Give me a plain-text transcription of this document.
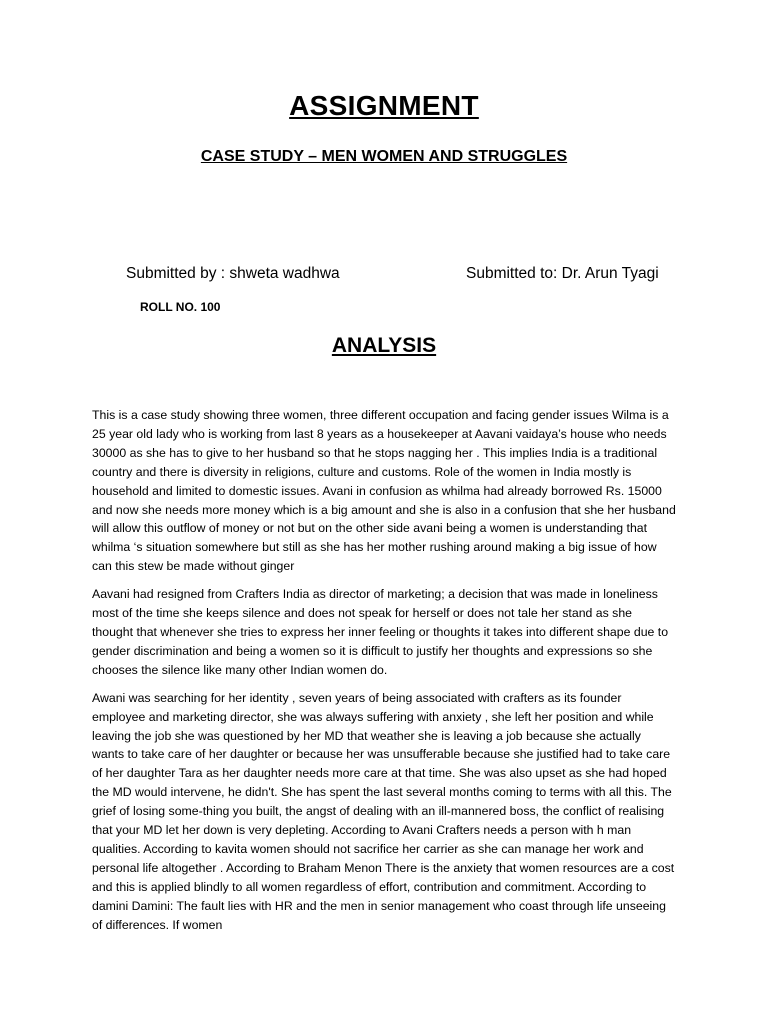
ASSIGNMENT
CASE STUDY – MEN WOMEN AND STRUGGLES
Submitted by : shweta wadhwa	Submitted to: Dr. Arun Tyagi
ROLL NO. 100
ANALYSIS

This is a case study showing three women, three different occupation and facing gender issues Wilma is a 25 year old lady who is working from last 8 years as a housekeeper at Aavani vaidaya’s house who needs 30000 as she has to give to her husband so that he stops nagging her . This implies India is a traditional country and there is diversity in religions, culture and customs. Role of the women in India mostly is household and limited to domestic issues. Avani in confusion as whilma had already borrowed Rs. 15000 and now she needs more money which is a big amount and she is also in a confusion that she her husband will allow this outflow of money or not but on the other side avani being a women is understanding that whilma ‘s situation somewhere but still as she has her mother rushing around making a big issue of how can this stew be made without ginger

Aavani had resigned from Crafters India as director of marketing; a decision that was made in loneliness most of the time she keeps silence and does not speak for herself or does not tale her stand as she thought that whenever she tries to express her inner feeling or thoughts it takes into different shape due to gender discrimination and being a women so it is difficult to justify her thoughts and expressions so she chooses the silence like many other Indian women do.

Awani was searching for her identity , seven years of being associated with crafters as its founder employee and marketing director, she was always suffering with anxiety , she left her position and while leaving the job she was questioned by her MD that weather she is leaving a job because she actually wants to take care of her daughter or because her was unsufferable because she justified had to take care of her daughter Tara as her daughter needs more care at that time. She was also upset as she had hoped the MD would intervene, he didn't. She has spent the last several months coming to terms with all this. The grief of losing some-thing you built, the angst of dealing with an ill-mannered boss, the conflict of realising that your MD let her down is very depleting. According to Avani Crafters needs a person with h man qualities. According to kavita women should not sacrifice her carrier as she can manage her work and personal life altogether . According to Braham Menon There is the anxiety that women resources are a cost and this is applied blindly to all women regardless of effort, contribution and commitment. According to damini Damini: The fault lies with HR and the men in senior management who coast through life unseeing of differences. If women
